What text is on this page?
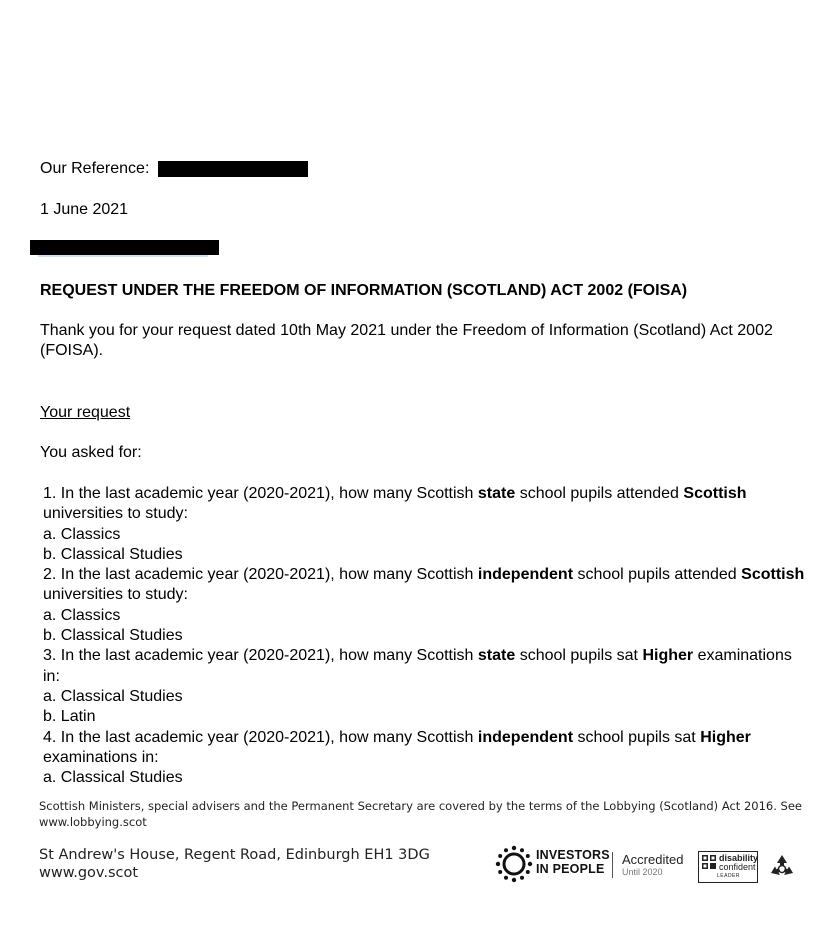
Our Reference:
1 June 2021
REQUEST UNDER THE FREEDOM OF INFORMATION (SCOTLAND) ACT 2002 (FOISA)
Thank you for your request dated 10th May 2021 under the Freedom of Information (Scotland) Act 2002 (FOISA).
Your request
You asked for:

1. In the last academic year (2020-2021), how many Scottish state school pupils attended Scottish universities to study:

a. Classics

b. Classical Studies

2. In the last academic year (2020-2021), how many Scottish independent school pupils attended Scottish universities to study:

a. Classics

b. Classical Studies

3. In the last academic year (2020-2021), how many Scottish state school pupils sat Higher examinations in:

a. Classical Studies

b. Latin

4. In the last academic year (2020-2021), how many Scottish independent school pupils sat Higher examinations in:

a. Classical Studies

Scottish Ministers, special advisers and the Permanent Secretary are covered by the terms of the Lobbying (Scotland) Act 2016. See www.lobbying.scot
St Andrew's House, Regent Road, Edinburgh EH1 3DG
www.gov.scot
INVESTORS
IN PEOPLE
Accredited
Until 2020
disability
confident
LEADER
